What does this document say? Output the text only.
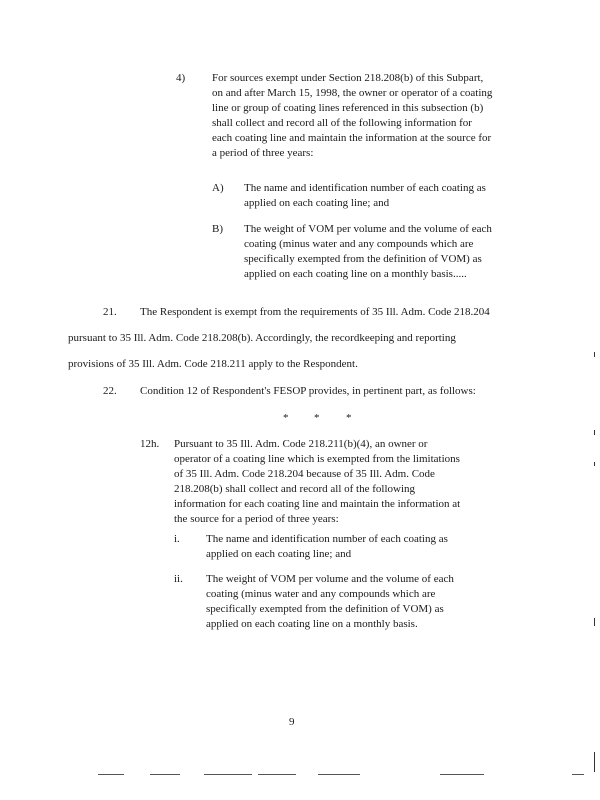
4) For sources exempt under Section 218.208(b) of this Subpart, on and after March 15, 1998, the owner or operator of a coating line or group of coating lines referenced in this subsection (b) shall collect and record all of the following information for each coating line and maintain the information at the source for a period of three years:

A) The name and identification number of each coating as applied on each coating line; and
B) The weight of VOM per volume and the volume of each coating (minus water and any compounds which are specifically exempted from the definition of VOM) as applied on each coating line on a monthly basis.....
21. The Respondent is exempt from the requirements of 35 Ill. Adm. Code 218.204
pursuant to 35 Ill. Adm. Code 218.208(b). Accordingly, the recordkeeping and reporting
provisions of 35 Ill. Adm. Code 218.211 apply to the Respondent.
22. Condition 12 of Respondent's FESOP provides, in pertinent part, as follows:
* * *
12h. Pursuant to 35 Ill. Adm. Code 218.211(b)(4), an owner or operator of a coating line which is exempted from the limitations of 35 Ill. Adm. Code 218.204 because of 35 Ill. Adm. Code 218.208(b) shall collect and record all of the following information for each coating line and maintain the information at the source for a period of three years:
i. The name and identification number of each coating as applied on each coating line; and
ii. The weight of VOM per volume and the volume of each coating (minus water and any compounds which are specifically exempted from the definition of VOM) as applied on each coating line on a monthly basis.
9
